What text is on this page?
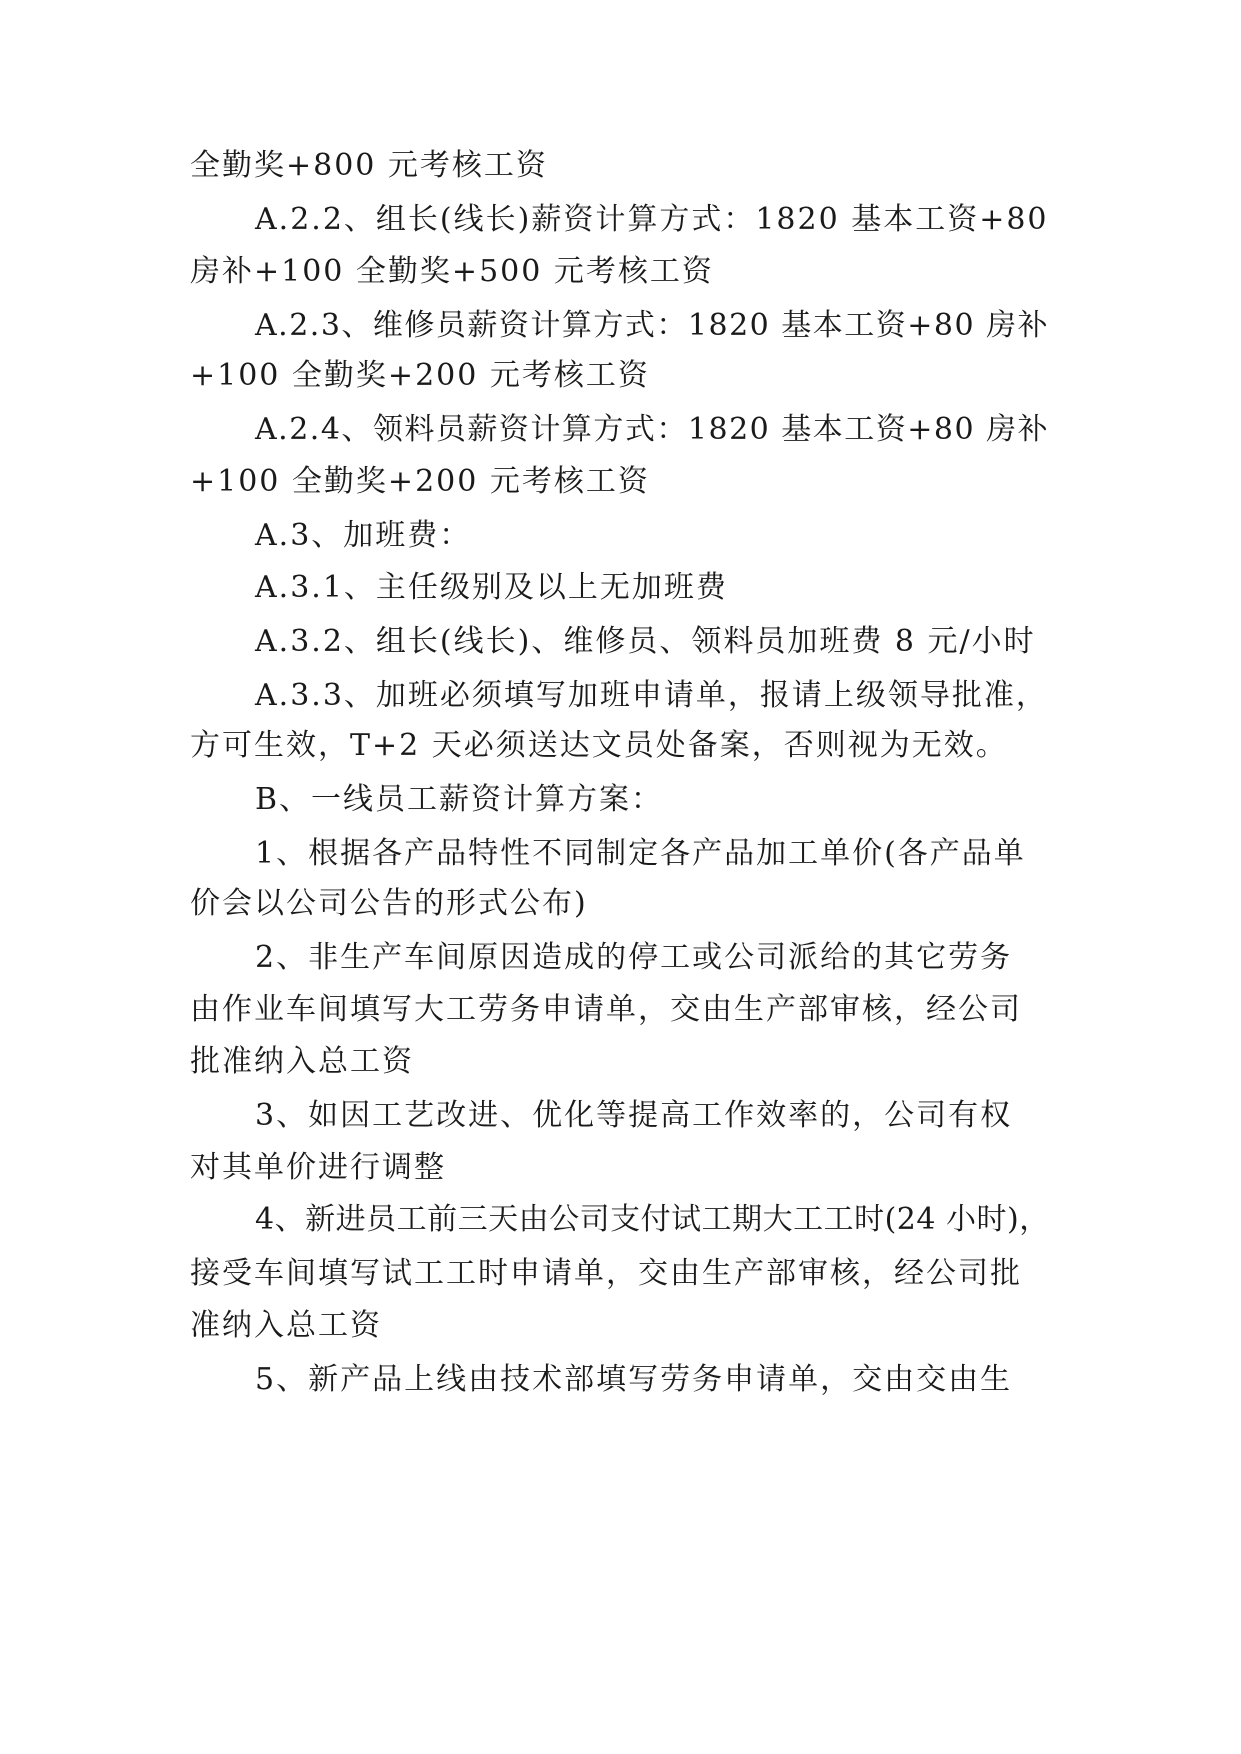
全勤奖+800 元考核工资
A.2.2、组长(线长)薪资计算方式：1820 基本工资+80
房补+100 全勤奖+500 元考核工资
A.2.3、维修员薪资计算方式：1820 基本工资+80 房补
+100 全勤奖+200 元考核工资
A.2.4、领料员薪资计算方式：1820 基本工资+80 房补
+100 全勤奖+200 元考核工资
A.3、加班费：
A.3.1、主任级别及以上无加班费
A.3.2、组长(线长)、维修员、领料员加班费 8 元/小时
A.3.3、加班必须填写加班申请单，报请上级领导批准，
方可生效，T+2 天必须送达文员处备案，否则视为无效。
B、一线员工薪资计算方案：
1、根据各产品特性不同制定各产品加工单价(各产品单
价会以公司公告的形式公布)
2、非生产车间原因造成的停工或公司派给的其它劳务
由作业车间填写大工劳务申请单，交由生产部审核，经公司
批准纳入总工资
3、如因工艺改进、优化等提高工作效率的，公司有权
对其单价进行调整
4、新进员工前三天由公司支付试工期大工工时(24 小时)，
接受车间填写试工工时申请单，交由生产部审核，经公司批
准纳入总工资
5、新产品上线由技术部填写劳务申请单，交由交由生
